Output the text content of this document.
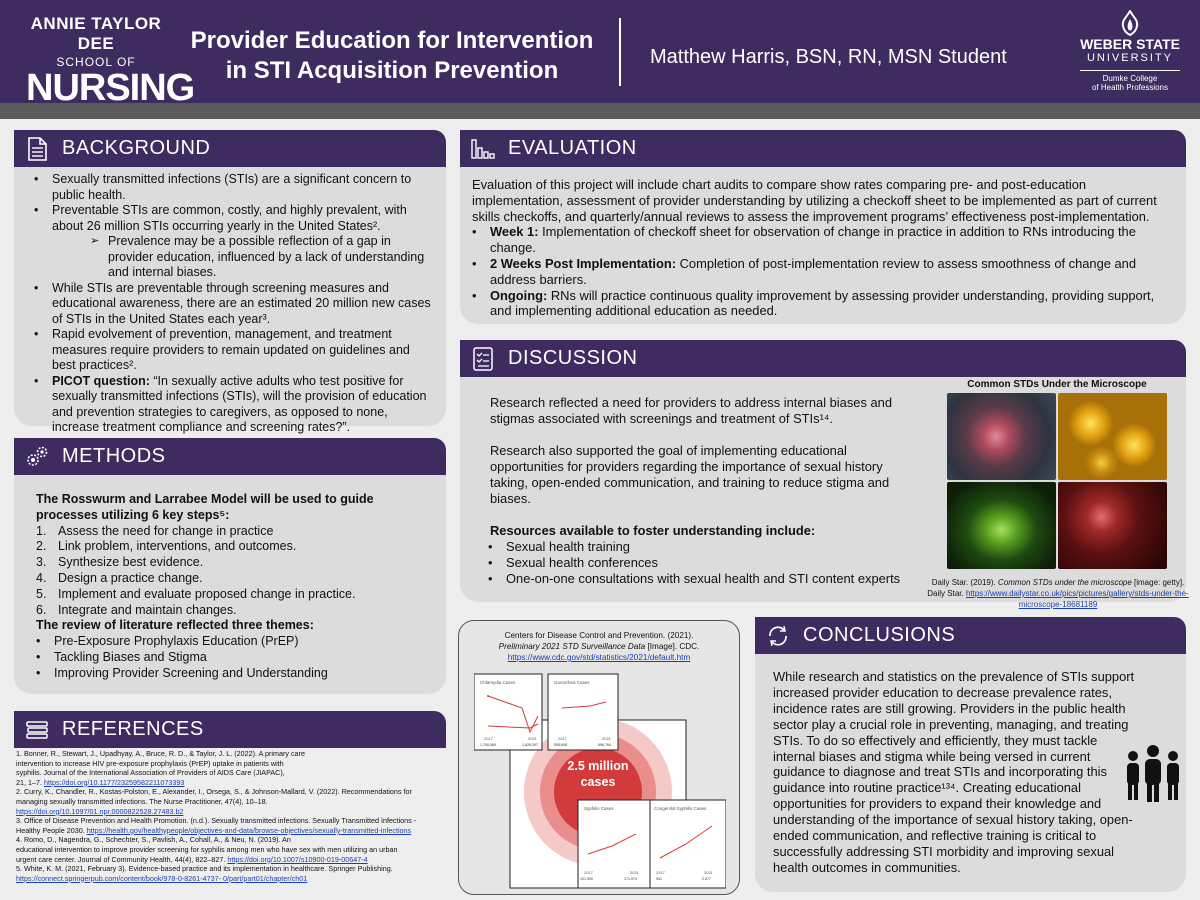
ANNIE TAYLOR DEE
SCHOOL OF
NURSING
Provider Education for Intervention
in STI Acquisition Prevention	Matthew Harris, BSN, RN, MSN Student
WEBER STATE
UNIVERSITY
Dumke College
of Health Professions
BACKGROUND
• Sexually transmitted infections (STIs) are a significant concern to public health.
• Preventable STIs are common, costly, and highly prevalent, with about 26 million STIs occurring yearly in the United States².
➢ Prevalence may be a possible reflection of a gap in provider education, influenced by a lack of understanding and internal biases.
• While STIs are preventable through screening measures and educational awareness, there are an estimated 20 million new cases of STIs in the United States each year³.
• Rapid evolvement of prevention, management, and treatment measures require providers to remain updated on guidelines and best practices².
• PICOT question: “In sexually active adults who test positive for sexually transmitted infections (STIs), will the provision of education and prevention strategies to caregivers, as opposed to none, increase treatment compliance and screening rates?”.
METHODS
The Rosswurm and Larrabee Model will be used to guide processes utilizing 6 key steps⁵:
1. Assess the need for change in practice
2. Link problem, interventions, and outcomes.
3. Synthesize best evidence.
4. Design a practice change.
5. Implement and evaluate proposed change in practice.
6. Integrate and maintain changes.
The review of literature reflected three themes:
• Pre-Exposure Prophylaxis Education (PrEP)
• Tackling Biases and Stigma
• Improving Provider Screening and Understanding
REFERENCES
1. Bonner, R., Stewart, J., Upadhyay, A., Bruce, R. D., & Taylor, J. L. (2022). A primary care
intervention to increase HIV pre-exposure prophylaxis (PrEP) uptake in patients with
syphilis. Journal of the International Association of Providers of AIDS Care (JIAPAC),
21, 1–7. https://doi.org/10.1177/23259582211073393
2. Curry, K., Chandler, R., Kostas-Polston, E., Alexander, I., Orsega, S., & Johnson-Mallard, V. (2022). Recommendations for
managing sexually transmitted infections. The Nurse Practitioner, 47(4), 10–18.
https://doi.org/10.1097/01.npr.0000822528.27483.b2
3. Office of Disease Prevention and Health Promotion. (n.d.). Sexually transmitted infections. Sexually Transmitted Infections -
Healthy People 2030. https://health.gov/healthypeople/objectives-and-data/browse-objectives/sexually-transmitted-infections
4. Romo, D., Nagendra, G., Schechter, S., Pavlish, A., Cohall, A., & Neu, N. (2019). An
educational intervention to improve provider screening for syphilis among men who have sex with men utilizing an urban
urgent care center. Journal of Community Health, 44(4), 822–827. https://doi.org/10.1007/s10900-019-00647-4
5. White, K. M. (2021, February 3). Evidence-based practice and its implementation in healthcare. Springer Publishing.
https://connect.springerpub.com/content/book/978-0-8261-4737- 0/part/part01/chapter/ch01
EVALUATION
Evaluation of this project will include chart audits to compare show rates comparing pre- and post-education implementation, assessment of provider understanding by utilizing a checkoff sheet to be implemented as part of current skills checkoffs, and quarterly/annual reviews to assess the improvement programs’ effectiveness post-implementation.
• Week 1: Implementation of checkoff sheet for observation of change in practice in addition to RNs introducing the change.
• 2 Weeks Post Implementation: Completion of post-implementation review to assess smoothness of change and address barriers.
• Ongoing: RNs will practice continuous quality improvement by assessing provider understanding, providing support, and implementing additional education as needed.
DISCUSSION
Research reflected a need for providers to address internal biases and stigmas associated with screenings and treatment of STIs¹⁴.
Research also supported the goal of implementing educational opportunities for providers regarding the importance of sexual history taking, open-ended communication, and training to reduce stigma and biases.
Resources available to foster understanding include:
• Sexual health training
• Sexual health conferences
• One-on-one consultations with sexual health and STI content experts
Common STDs Under the Microscope
Daily Star. (2019). Common STDs under the microscope [image: getty].
Daily Star. https://www.dailystar.co.uk/pics/pictures/gallery/stds-under-the-microscope-18681189
Centers for Disease Control and Prevention. (2021).
Preliminary 2021 STD Surveillance Data [Image]. CDC.
https://www.cdc.gov/std/statistics/2021/default.htm
2.5 million
cases
Chlamydia Cases
2017	2021
1,708,569	1,628,397
Gonorrhea Cases
2017	2021
555,608	696,764
Syphilis Cases
2017	2021
101,590	171,074
Congenital Syphilis Cases
2017	2021
941	2,677
CONCLUSIONS
While research and statistics on the prevalence of STIs support increased provider education to decrease prevalence rates, incidence rates are still growing. Providers in the public health sector play a crucial role in preventing, managing, and treating STIs. To do so effectively and efficiently, they must tackle internal biases and stigma while being versed in current guidance to diagnose and treat STIs and incorporating this guidance into routine practice¹³⁴. Creating educational opportunities for providers to expand their knowledge and understanding of the importance of sexual history taking, open-ended communication, and reflective training is critical to successfully addressing STI morbidity and improving sexual health outcomes in communities.
